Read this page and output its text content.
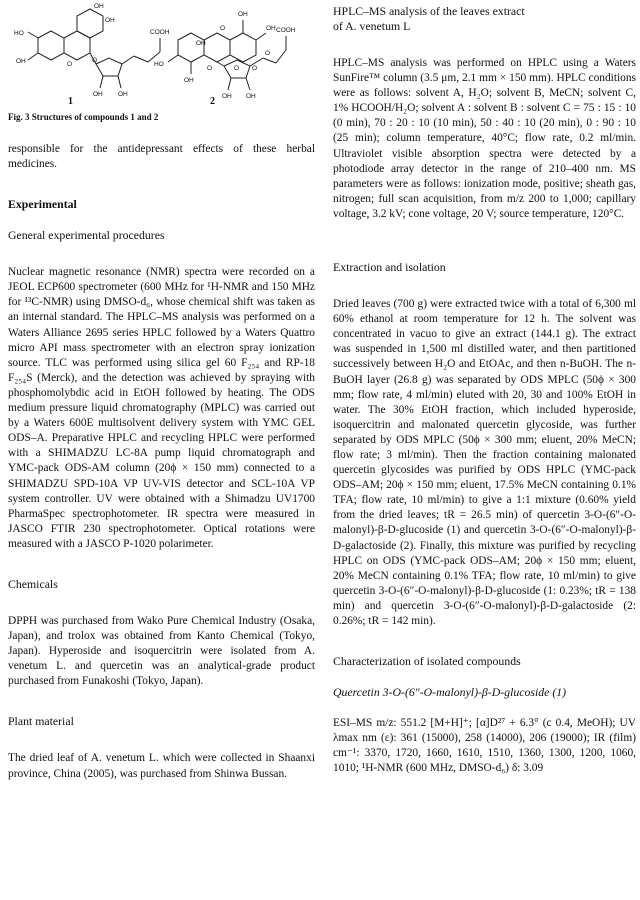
OH
OH
HO
OH	O
O
OH OH
COOH
OH
OH
HO
OH
OH
O
O
O O
O
COOH
OH
OH
1	2
Fig. 3 Structures of compounds 1 and 2

responsible for the antidepressant effects of these herbal medicines.

Experimental
General experimental procedures

Nuclear magnetic resonance (NMR) spectra were recorded on a JEOL ECP600 spectrometer (600 MHz for ¹H-NMR and 150 MHz for ¹³C-NMR) using DMSO-d₆, whose chemical shift was taken as an internal standard. The HPLC–MS analysis was performed on a Waters Alliance 2695 series HPLC followed by a Waters Quattro micro API mass spectrometer with an electron spray ionization source. TLC was performed using silica gel 60 F₂₅₄ and RP-18 F₂₅₄S (Merck), and the detection was achieved by spraying with phosphomolybdic acid in EtOH followed by heating. The ODS medium pressure liquid chromatography (MPLC) was carried out by a Waters 600E multisolvent delivery system with YMC GEL ODS–A. Preparative HPLC and recycling HPLC were performed with a SHIMADZU LC-8A pump liquid chromatograph and YMC-pack ODS-AM column (20ϕ × 150 mm) connected to a SHIMADZU SPD-10A VP UV-VIS detector and SCL-10A VP system controller. UV were obtained with a Shimadzu UV1700 PharmaSpec spectrophotometer. IR spectra were measured in JASCO FTIR 230 spectrophotometer. Optical rotations were measured with a JASCO P-1020 polarimeter.

Chemicals

DPPH was purchased from Wako Pure Chemical Industry (Osaka, Japan), and trolox was obtained from Kanto Chemical (Tokyo, Japan). Hyperoside and isoquercitrin were isolated from A. venetum L. and quercetin was an analytical-grade product purchased from Funakoshi (Tokyo, Japan).

Plant material

The dried leaf of A. venetum L. which were collected in Shaanxi province, China (2005), was purchased from Shinwa Bussan.

HPLC–MS analysis of the leaves extract
of A. venetum L

HPLC–MS analysis was performed on HPLC using a Waters SunFire™ column (3.5 μm, 2.1 mm × 150 mm). HPLC conditions were as follows: solvent A, H₂O; solvent B, MeCN; solvent C, 1% HCOOH/H₂O; solvent A : solvent B : solvent C = 75 : 15 : 10 (0 min), 70 : 20 : 10 (10 min), 50 : 40 : 10 (20 min), 0 : 90 : 10 (25 min); column temperature, 40°C; flow rate, 0.2 ml/min. Ultraviolet visible absorption spectra were detected by a photodiode array detector in the range of 210–400 nm. MS parameters were as follows: ionization mode, positive; sheath gas, nitrogen; full scan acquisition, from m/z 200 to 1,000; capillary voltage, 3.2 kV; cone voltage, 20 V; source temperature, 120°C.

Extraction and isolation

Dried leaves (700 g) were extracted twice with a total of 6,300 ml 60% ethanol at room temperature for 12 h. The solvent was concentrated in vacuo to give an extract (144.1 g). The extract was suspended in 1,500 ml distilled water, and then partitioned successively between H₂O and EtOAc, and then n-BuOH. The n-BuOH layer (26.8 g) was separated by ODS MPLC (50ϕ × 300 mm; flow rate, 4 ml/min) eluted with 20, 30 and 100% EtOH in water. The 30% EtOH fraction, which included hyperoside, isoquercitrin and malonated quercetin glycoside, was further separated by ODS MPLC (50ϕ × 300 mm; eluent, 20% MeCN; flow rate; 3 ml/min). Then the fraction containing malonated quercetin glycosides was purified by ODS HPLC (YMC-pack ODS–AM; 20ϕ × 150 mm; eluent, 17.5% MeCN containing 0.1% TFA; flow rate, 10 ml/min) to give a 1:1 mixture (0.60% yield from the dried leaves; tR = 26.5 min) of quercetin 3-O-(6″-O-malonyl)-β-D-glucoside (1) and quercetin 3-O-(6″-O-malonyl)-β-D-galactoside (2). Finally, this mixture was purified by recycling HPLC on ODS (YMC-pack ODS–AM; 20ϕ × 150 mm; eluent, 20% MeCN containing 0.1% TFA; flow rate, 10 ml/min) to give quercetin 3-O-(6″-O-malonyl)-β-D-glucoside (1: 0.23%; tR = 138 min) and quercetin 3-O-(6″-O-malonyl)-β-D-galactoside (2: 0.26%; tR = 142 min).

Characterization of isolated compounds
Quercetin 3-O-(6″-O-malonyl)-β-D-glucoside (1)

ESI–MS m/z: 551.2 [M+H]⁺; [α]D²⁷ + 6.3° (c 0.4, MeOH); UV λmax nm (ε): 361 (15000), 258 (14000), 206 (19000); IR (film) cm⁻¹: 3370, 1720, 1660, 1610, 1510, 1360, 1300, 1200, 1060, 1010; ¹H-NMR (600 MHz, DMSO-d₆) δ: 3.09
